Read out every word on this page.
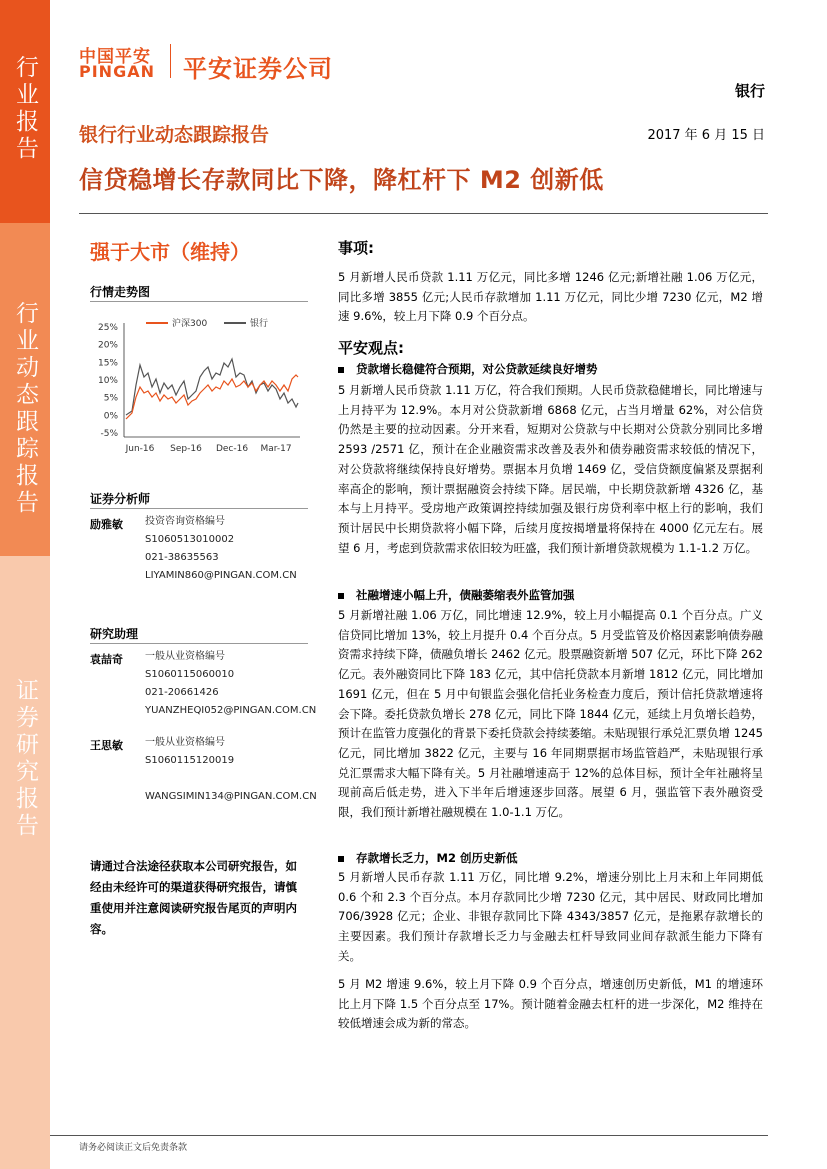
行业报告
行业动态跟踪报告
证券研究报告
中国平安
PINGAN 平安证券公司
银行
银行行业动态跟踪报告	2017 年 6 月 15 日
信贷稳增长存款同比下降，降杠杆下 M2 创新低
强于大市（维持）
行情走势图
25%
20%
15%
10%
5%
0%
-5%
Jun-16 Sep-16 Dec-16 Mar-17
沪深300	银行
证券分析师
励雅敏 投资咨询资格编号
S1060513010002
021-38635563
LIYAMIN860@PINGAN.COM.CN
研究助理
袁喆奇 一般从业资格编号
S1060115060010
021-20661426
YUANZHEQI052@PINGAN.COM.CN
王思敏 一般从业资格编号
S1060115120019
WANGSIMIN134@PINGAN.COM.CN
请通过合法途径获取本公司研究报告，如经由未经许可的渠道获得研究报告，请慎重使用并注意阅读研究报告尾页的声明内容。
事项:
5 月新增人民币贷款 1.11 万亿元，同比多增 1246 亿元;新增社融 1.06 万亿元，同比多增 3855 亿元;人民币存款增加 1.11 万亿元，同比少增 7230 亿元，M2 增速 9.6%，较上月下降 0.9 个百分点。
平安观点:
贷款增长稳健符合预期，对公贷款延续良好增势
5 月新增人民币贷款 1.11 万亿，符合我们预期。人民币贷款稳健增长，同比增速与上月持平为 12.9%。本月对公贷款新增 6868 亿元，占当月增量 62%，对公信贷仍然是主要的拉动因素。分开来看，短期对公贷款与中长期对公贷款分别同比多增 2593 /2571 亿，预计在企业融资需求改善及表外和债券融资需求较低的情况下，对公贷款将继续保持良好增势。票据本月负增 1469 亿，受信贷额度偏紧及票据利率高企的影响，预计票据融资会持续下降。居民端，中长期贷款新增 4326 亿，基本与上月持平。受房地产政策调控持续加强及银行房贷利率中枢上行的影响，我们预计居民中长期贷款将小幅下降，后续月度按揭增量将保持在 4000 亿元左右。展望 6 月，考虑到贷款需求依旧较为旺盛，我们预计新增贷款规模为 1.1-1.2 万亿。
社融增速小幅上升，债融萎缩表外监管加强
5 月新增社融 1.06 万亿，同比增速 12.9%，较上月小幅提高 0.1 个百分点。广义信贷同比增加 13%，较上月提升 0.4 个百分点。5 月受监管及价格因素影响债券融资需求持续下降，债融负增长 2462 亿元。股票融资新增 507 亿元，环比下降 262 亿元。表外融资同比下降 183 亿元，其中信托贷款本月新增 1812 亿元，同比增加 1691 亿元，但在 5 月中旬银监会强化信托业务检查力度后，预计信托贷款增速将会下降。委托贷款负增长 278 亿元，同比下降 1844 亿元，延续上月负增长趋势，预计在监管力度强化的背景下委托贷款会持续萎缩。未贴现银行承兑汇票负增 1245 亿元，同比增加 3822 亿元，主要与 16 年同期票据市场监管趋严，未贴现银行承兑汇票需求大幅下降有关。5 月社融增速高于 12%的总体目标，预计全年社融将呈现前高后低走势，进入下半年后增速逐步回落。展望 6 月，强监管下表外融资受限，我们预计新增社融规模在 1.0-1.1 万亿。
存款增长乏力，M2 创历史新低
5 月新增人民币存款 1.11 万亿，同比增 9.2%，增速分别比上月末和上年同期低 0.6 个和 2.3 个百分点。本月存款同比少增 7230 亿元，其中居民、财政同比增加 706/3928 亿元；企业、非银存款同比下降 4343/3857 亿元，是拖累存款增长的主要因素。我们预计存款增长乏力与金融去杠杆导致同业间存款派生能力下降有关。
5 月 M2 增速 9.6%，较上月下降 0.9 个百分点，增速创历史新低，M1 的增速环比上月下降 1.5 个百分点至 17%。预计随着金融去杠杆的进一步深化，M2 维持在较低增速会成为新的常态。
请务必阅读正文后免责条款
